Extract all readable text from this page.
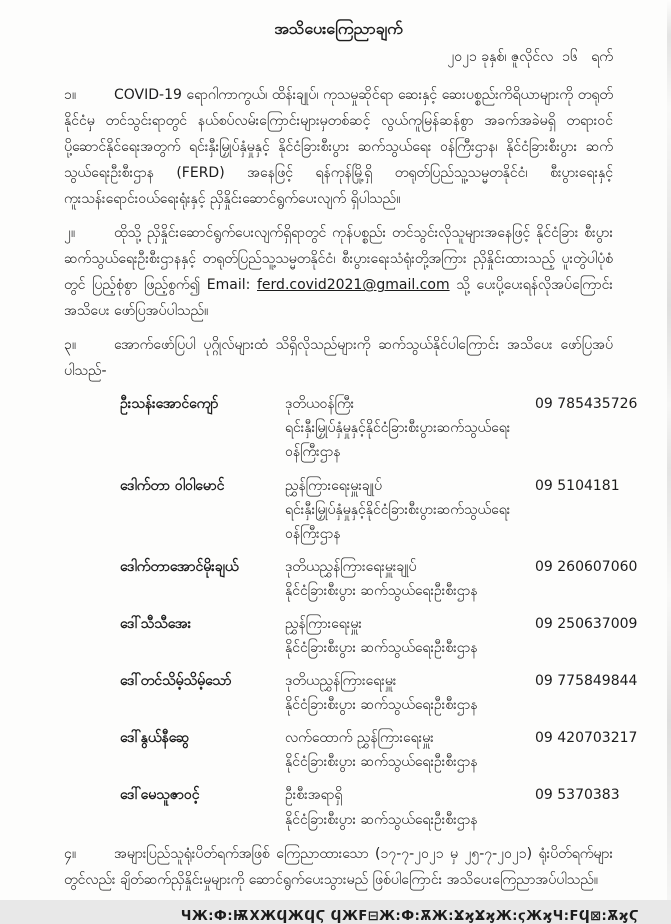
အသိပေးကြေညာချက်
၂၀၂၁ ခုနှစ်၊ ဇူလိုင်လ  ၁၆   ရက်

၁။	COVID-19 ရောဂါကာကွယ်၊ ထိန်းချုပ်၊ ကုသမှုဆိုင်ရာ ဆေးနှင့် ဆေးပစ္စည်းကိရိယာများကို တရုတ်နိုင်ငံမှ တင်သွင်းရာတွင် နယ်စပ်လမ်းကြောင်းများမှတစ်ဆင့် လွယ်ကူမြန်ဆန်စွာ အခက်အခဲမရှိ တရားဝင်ပို့ဆောင်နိုင်ရေးအတွက် ရင်းနှီးမြှုပ်နှံမှုနှင့် နိုင်ငံခြားစီးပွား ဆက်သွယ်ရေး ဝန်ကြီးဌာန၊ နိုင်ငံခြားစီးပွား ဆက်သွယ်ရေးဦးစီးဌာန (FERD) အနေဖြင့် ရန်ကုန်မြို့ရှိ တရုတ်ပြည်သူ့သမ္မတနိုင်ငံ၊ စီးပွားရေးနှင့်ကူးသန်းရောင်းဝယ်ရေးရုံးနှင့် ညှိနှိုင်းဆောင်ရွက်ပေးလျက် ရှိပါသည်။

၂။	ထိုသို့ ညှိနှိုင်းဆောင်ရွက်ပေးလျက်ရှိရာတွင် ကုန်ပစ္စည်း တင်သွင်းလိုသူများအနေဖြင့် နိုင်ငံခြား စီးပွား ဆက်သွယ်ရေးဦးစီးဌာနနှင့် တရုတ်ပြည်သူ့သမ္မတနိုင်ငံ၊ စီးပွားရေးသံရုံးတို့အကြား ညှိနှိုင်းထားသည့် ပူးတွဲပါပုံစံတွင် ပြည့်စုံစွာ ဖြည့်စွက်၍ Email: ferd.covid2021@gmail.com သို့ ပေးပို့ပေးရန်လိုအပ်ကြောင်း အသိပေး ဖော်ပြအပ်ပါသည်။

၃။	အောက်ဖော်ပြပါ ပုဂ္ဂိုလ်များထံ သိရှိလိုသည်များကို ဆက်သွယ်နိုင်ပါကြောင်း အသိပေး ဖော်ပြအပ်ပါသည်-

ဦးသန်းအောင်ကျော်	ဒုတိယဝန်ကြီး
ရင်းနှီးမြှုပ်နှံမှုနှင့်နိုင်ငံခြားစီးပွားဆက်သွယ်ရေး ဝန်ကြီးဌာန
09 785435726
ဒေါက်တာ ဝါဝါမောင်	ညွှန်ကြားရေးမှူးချုပ်
ရင်းနှီးမြှုပ်နှံမှုနှင့်နိုင်ငံခြားစီးပွားဆက်သွယ်ရေး ဝန်ကြီးဌာန
09 5104181
ဒေါက်တာအောင်မိုးချယ်	ဒုတိယညွှန်ကြားရေးမှူးချုပ်
နိုင်ငံခြားစီးပွား ဆက်သွယ်ရေးဦးစီးဌာန
09 260607060
ဒေါ်သီသီအေး	ညွှန်ကြားရေးမှူး
နိုင်ငံခြားစီးပွား ဆက်သွယ်ရေးဦးစီးဌာန
09 250637009
ဒေါ်တင်သိမ့်သိမ့်သော်	ဒုတိယညွှန်ကြားရေးမှူး
နိုင်ငံခြားစီးပွား ဆက်သွယ်ရေးဦးစီးဌာန
09 775849844
ဒေါ်နွယ်နီဆွေ	လက်ထောက် ညွှန်ကြားရေးမှူး
နိုင်ငံခြားစီးပွား ဆက်သွယ်ရေးဦးစီးဌာန
09 420703217
ဒေါ်မေသူဇာဝင့်	ဦးစီးအရာရှိ
နိုင်ငံခြားစီးပွား ဆက်သွယ်ရေးဦးစီးဌာန
09 5370383

၄။	အများပြည်သူရုံးပိတ်ရက်အဖြစ် ကြေညာထားသော (၁၇-၇-၂၀၂၁ မှ ၂၅-၇-၂၀၂၁) ရုံးပိတ်ရက်များတွင်လည်း ချိတ်ဆက်ညှိနှိုင်းမှုများကို ဆောင်ရွက်ပေးသွားမည် ဖြစ်ပါကြောင်း အသိပေးကြေညာအပ်ပါသည်။

ЧЖ:Ф:ѬΧЖϤЖϤϚ ϤЖϜ⊟Ж:Ф:ѪЖ:ϪϗϪϗЖ:ϛЖϗЧ:ϜϤ⊠:ѪϗϚ
